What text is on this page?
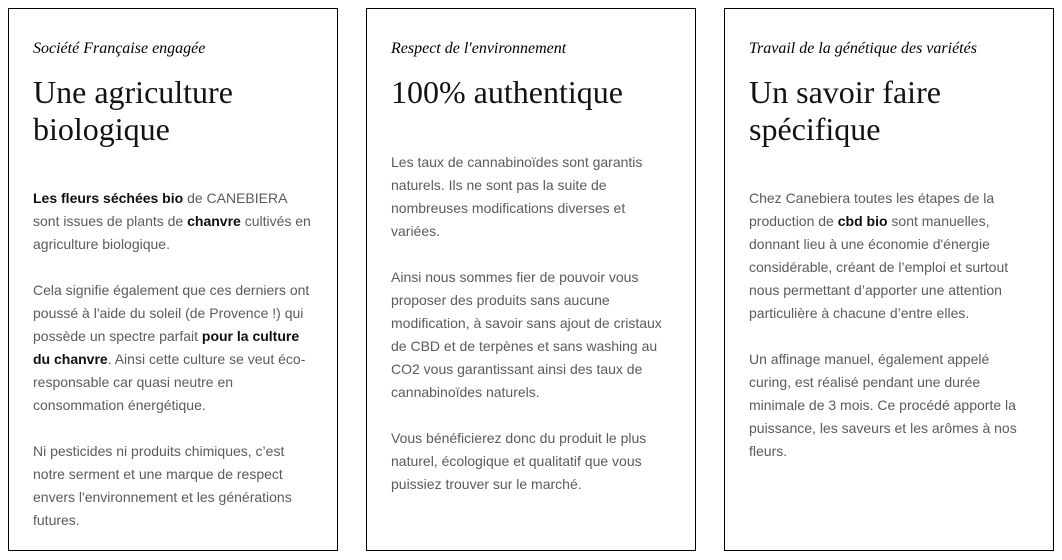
Société Française engagée

Une agriculture biologique

Les fleurs séchées bio de CANEBIERA sont issues de plants de chanvre cultivés en agriculture biologique.

Cela signifie également que ces derniers ont poussé à l'aide du soleil (de Provence !) qui possède un spectre parfait pour la culture du chanvre. Ainsi cette culture se veut éco-responsable car quasi neutre en consommation énergétique.

Ni pesticides ni produits chimiques, c’est notre serment et une marque de respect envers l'environnement et les générations futures.

Respect de l'environnement

100% authentique

Les taux de cannabinoïdes sont garantis naturels. Ils ne sont pas la suite de nombreuses modifications diverses et variées.

Ainsi nous sommes fier de pouvoir vous proposer des produits sans aucune modification, à savoir sans ajout de cristaux de CBD et de terpènes et sans washing au CO2 vous garantissant ainsi des taux de cannabinoïdes naturels.

Vous bénéficierez donc du produit le plus naturel, écologique et qualitatif que vous puissiez trouver sur le marché.

Travail de la génétique des variétés

Un savoir faire spécifique

Chez Canebiera toutes les étapes de la production de cbd bio sont manuelles, donnant lieu à une économie d'énergie considérable, créant de l’emploi et surtout nous permettant d’apporter une attention particulière à chacune d’entre elles.

Un affinage manuel, également appelé curing, est réalisé pendant une durée minimale de 3 mois. Ce procédé apporte la puissance, les saveurs et les arômes à nos fleurs.
